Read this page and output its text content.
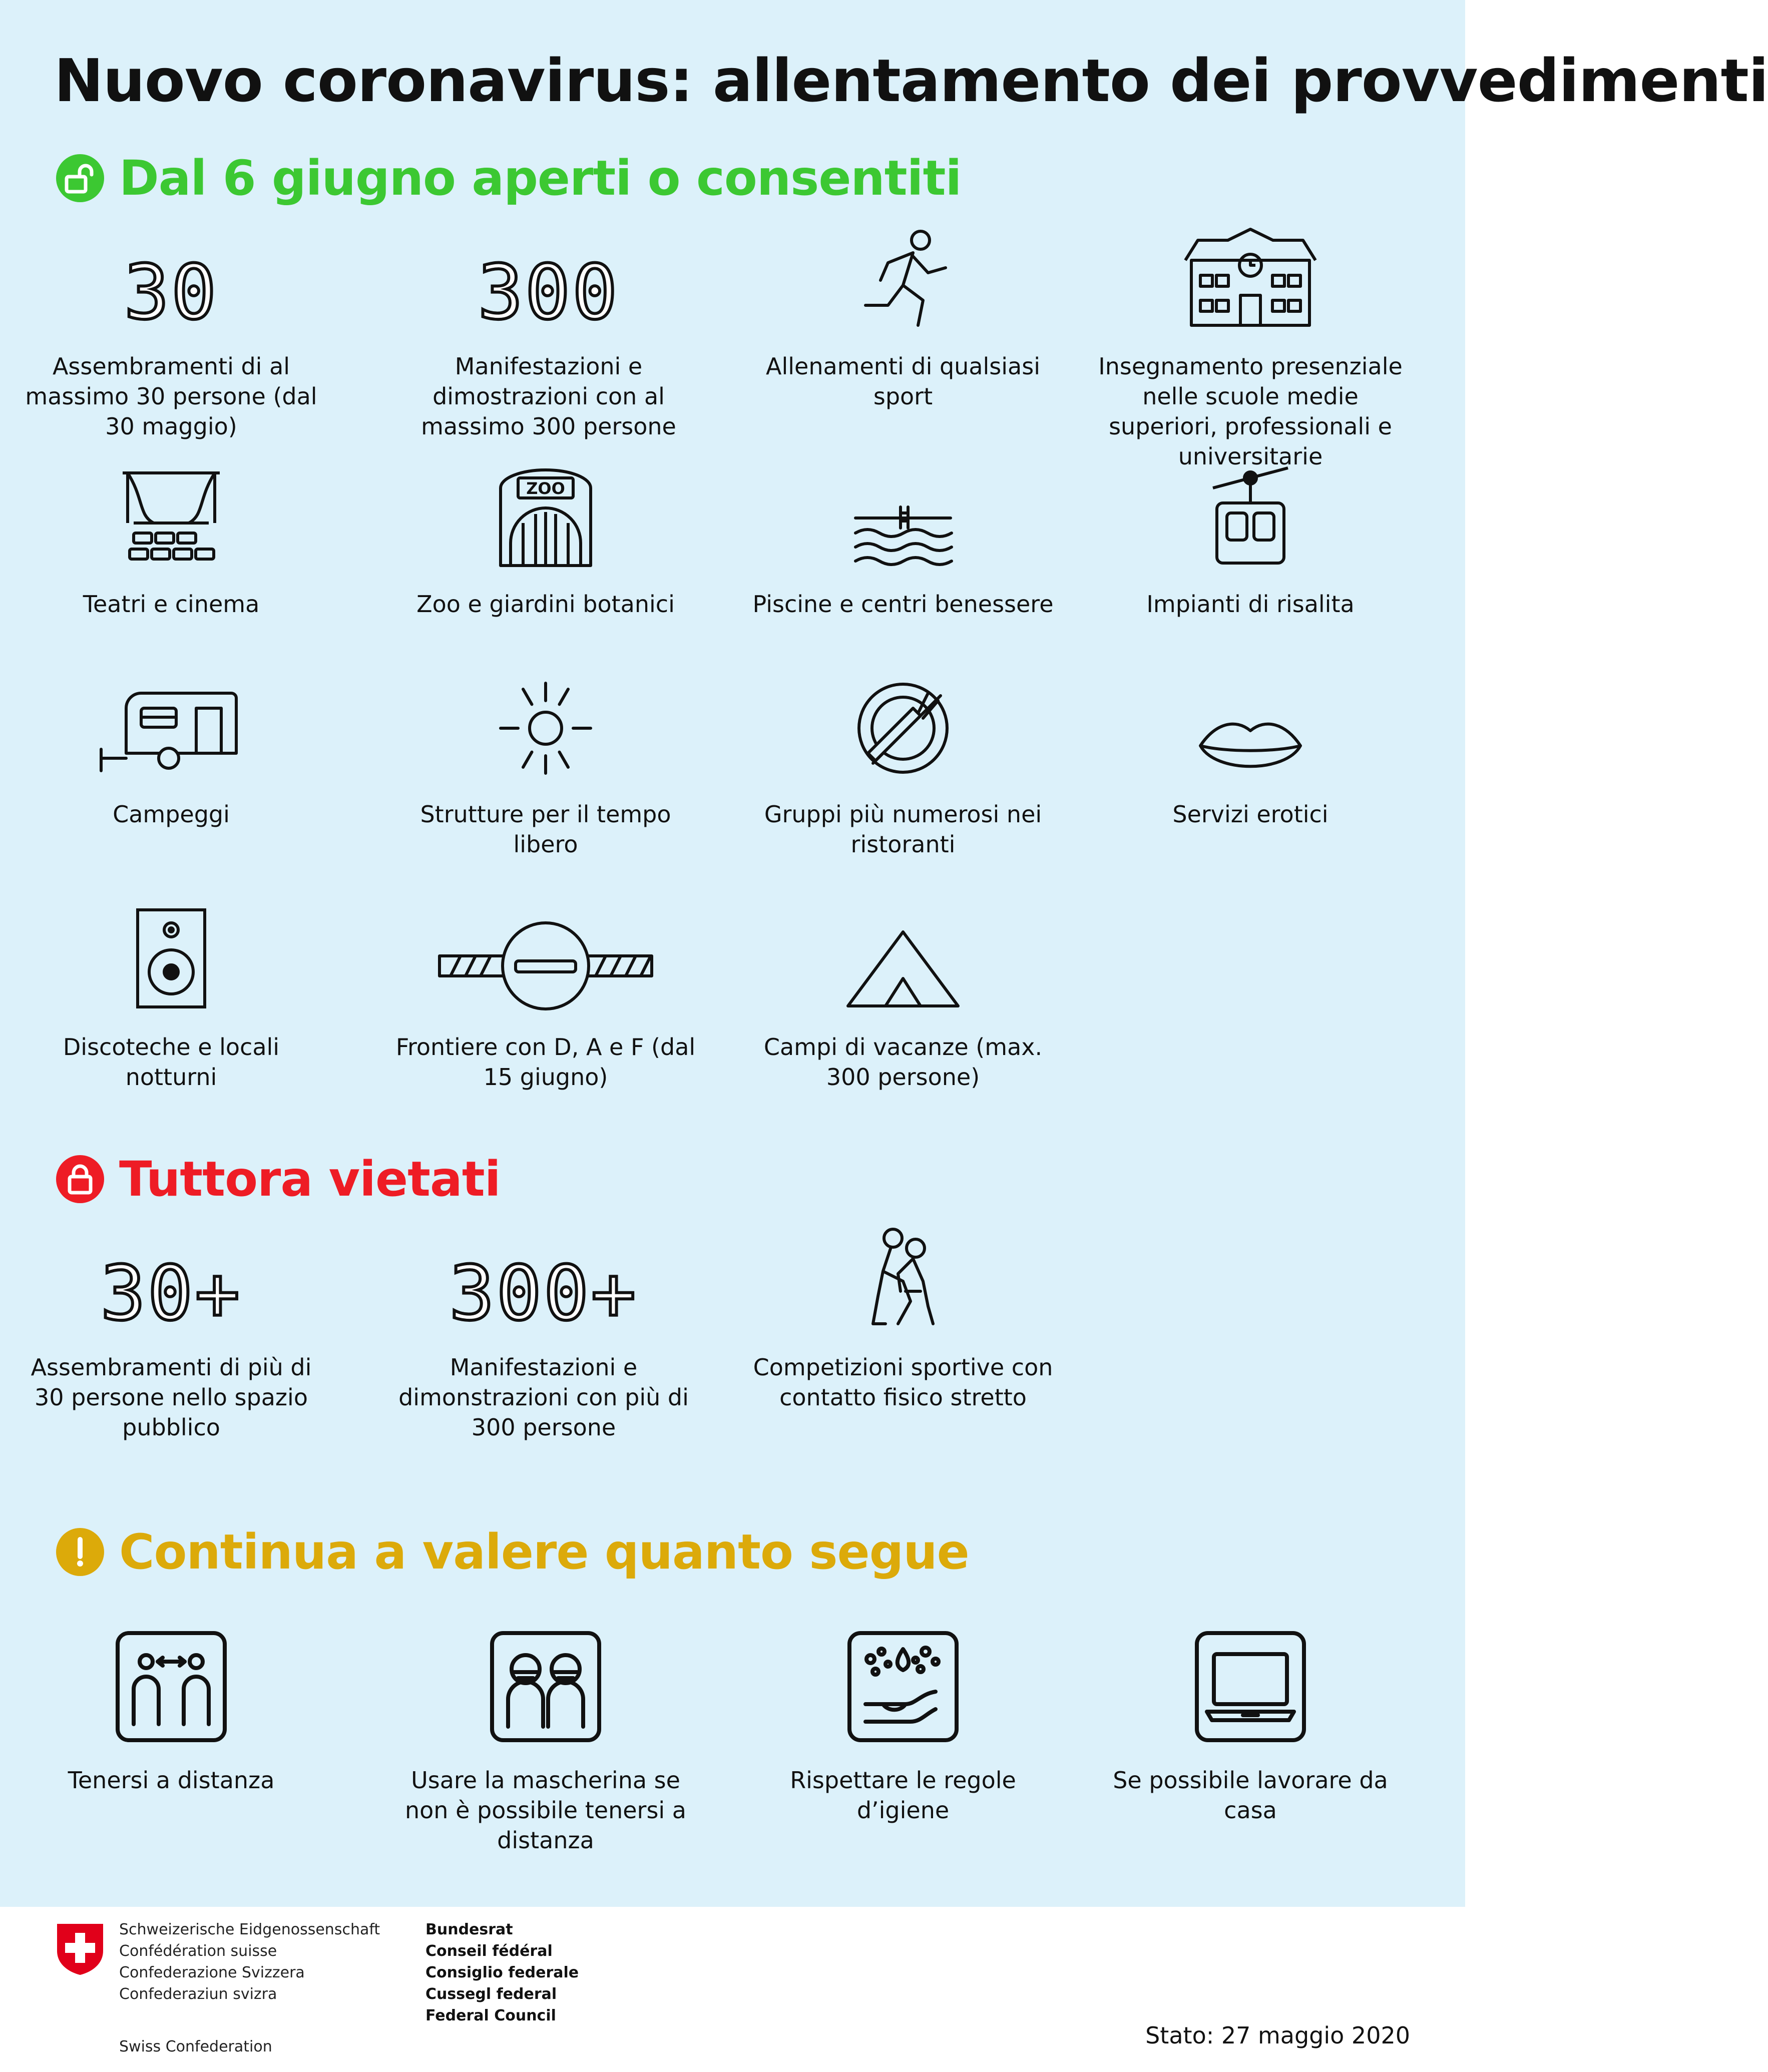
Nuovo coronavirus: allentamento dei provvedimenti
Dal 6 giugno aperti o consentiti
30
Assembramenti di al massimo 30 persone (dal 30 maggio)
300
Manifestazioni e dimostrazioni con al massimo 300 persone
Allenamenti di qualsiasi sport
Insegnamento presenziale nelle scuole medie superiori, professionali e universitarie
Teatri e cinema
ZOO
Zoo e giardini botanici	Piscine e centri benessere	Impianti di risalita
Campeggi	Strutture per il tempo libero
Gruppi più numerosi nei ristoranti
Servizi erotici
Discoteche e locali notturni
Frontiere con D, A e F (dal 15 giugno)
Campi di vacanze (max. 300 persone)
Tuttora vietati
30+
Assembramenti di più di 30 persone nello spazio pubblico
300+
Manifestazioni e dimonstrazioni con più di 300 persone
Competizioni sportive con contatto fisico stretto
Continua a valere quanto segue
Tenersi a distanza	Usare la mascherina se non è possibile tenersi a distanza
Rispettare le regole d’igiene
Se possibile lavorare da casa
Schweizerische Eidgenossenschaft
Confédération suisse
Confederazione Svizzera
Confederaziun svizra
Swiss Confederation
Bundesrat
Conseil fédéral
Consiglio federale
Cussegl federal
Federal Council
Stato: 27 maggio 2020
